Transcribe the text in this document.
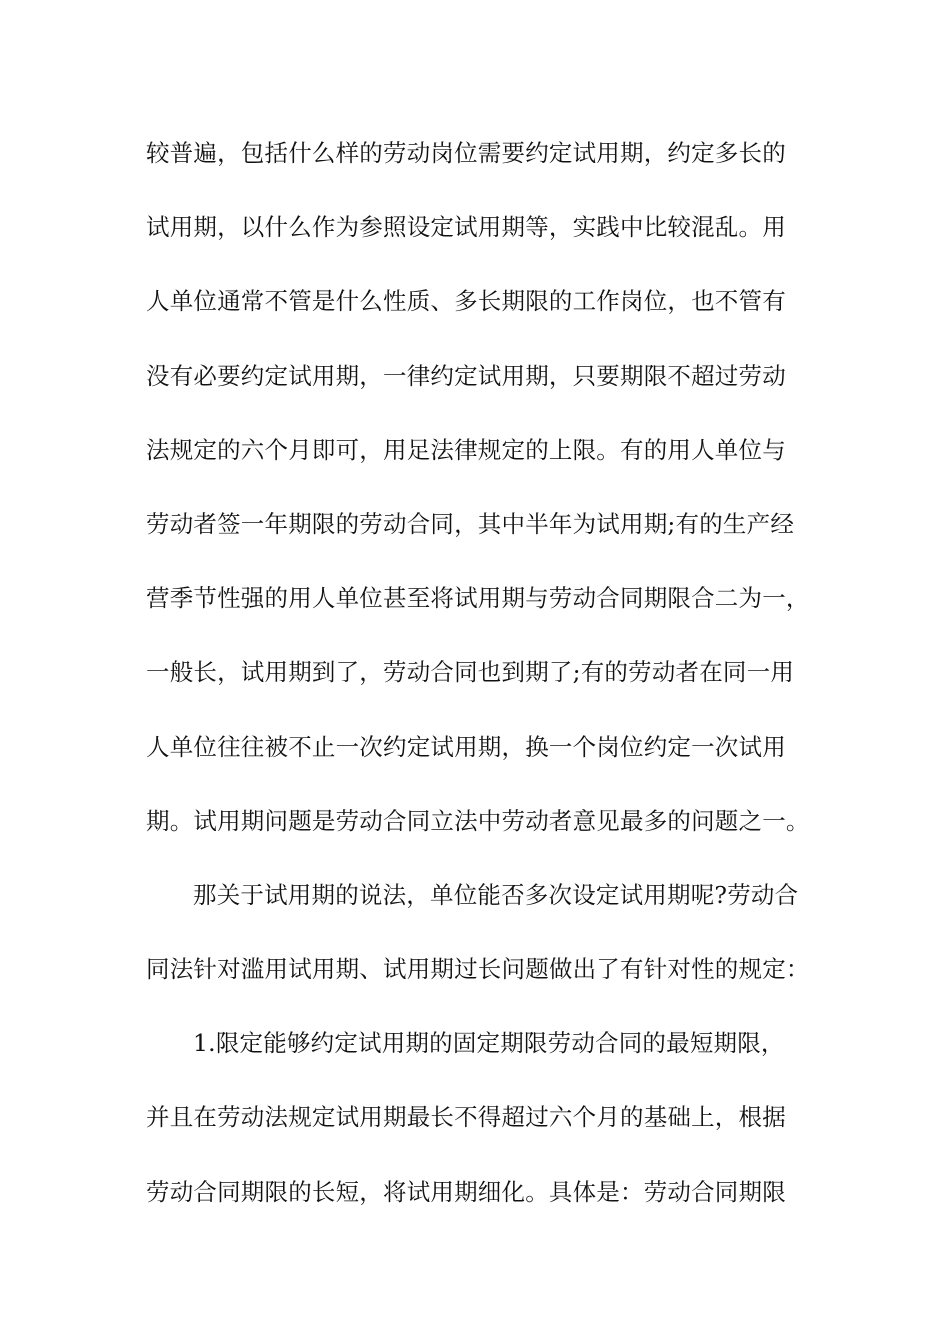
较普遍，包括什么样的劳动岗位需要约定试用期，约定多长的
试用期，以什么作为参照设定试用期等，实践中比较混乱。用
人单位通常不管是什么性质、多长期限的工作岗位，也不管有
没有必要约定试用期，一律约定试用期，只要期限不超过劳动
法规定的六个月即可，用足法律规定的上限。有的用人单位与
劳动者签一年期限的劳动合同，其中半年为试用期;有的生产经
营季节性强的用人单位甚至将试用期与劳动合同期限合二为一，
一般长，试用期到了，劳动合同也到期了;有的劳动者在同一用
人单位往往被不止一次约定试用期，换一个岗位约定一次试用
期。试用期问题是劳动合同立法中劳动者意见最多的问题之一。
那关于试用期的说法，单位能否多次设定试用期呢?劳动合
同法针对滥用试用期、试用期过长问题做出了有针对性的规定：
1.限定能够约定试用期的固定期限劳动合同的最短期限，
并且在劳动法规定试用期最长不得超过六个月的基础上，根据
劳动合同期限的长短，将试用期细化。具体是：劳动合同期限
